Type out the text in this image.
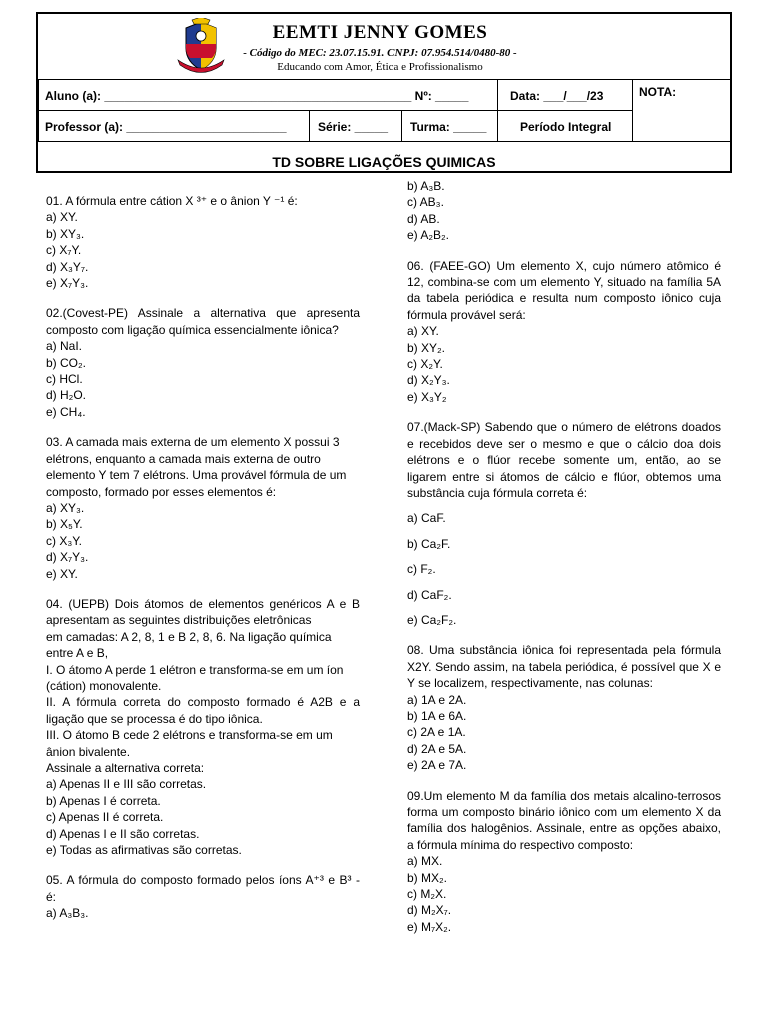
EEMTI JENNY GOMES
- Código do MEC: 23.07.15.91. CNPJ: 07.954.514/0480-80 -
Educando com Amor, Ética e Profissionalismo
Aluno (a): ______________________________________________ Nº: _____	Data: ___/___/23	NOTA:
Professor (a): ________________________	Série: _____ Turma: _____	Período Integral
TD SOBRE LIGAÇÕES QUIMICAS

01. A fórmula entre cátion X ³⁺ e o ânion Y ⁻¹ é:

a) XY.

b) XY₃.

c) X₇Y.

d) X₃Y₇.

e) X₇Y₃.

02.(Covest-PE) Assinale a alternativa que apresenta composto com ligação química essencialmente iônica?

a) NaI.

b) CO₂.

c) HCl.

d) H₂O.

e) CH₄.

03. A camada mais externa de um elemento X possui 3 elétrons, enquanto a camada mais externa de outro elemento Y tem 7 elétrons. Uma provável fórmula de um composto, formado por esses elementos é:

a) XY₃.

b) X₅Y.

c) X₃Y.

d) X₇Y₃.

e) XY.

04. (UEPB) Dois átomos de elementos genéricos A e B apresentam as seguintes distribuições eletrônicas

em camadas: A 2, 8, 1 e B 2, 8, 6. Na ligação química entre A e B,

I. O átomo A perde 1 elétron e transforma-se em um íon (cátion) monovalente.

II. A fórmula correta do composto formado é A2B e a ligação que se processa é do tipo iônica.

III. O átomo B cede 2 elétrons e transforma-se em um ânion bivalente.

Assinale a alternativa correta:

a) Apenas II e III são corretas.

b) Apenas I é correta.

c) Apenas II é correta.

d) Apenas I e II são corretas.

e) Todas as afirmativas são corretas.

05. A fórmula do composto formado pelos íons A⁺³ e B³ - é:

a) A₃B₃.

b) A₃B.

c) AB₃.

d) AB.

e) A₂B₂.

06. (FAEE-GO) Um elemento X, cujo número atômico é 12, combina-se com um elemento Y, situado na família 5A da tabela periódica e resulta num composto iônico cuja fórmula provável será:

a) XY.

b) XY₂.

c) X₂Y.

d) X₂Y₃.

e) X₃Y₂

07.(Mack-SP) Sabendo que o número de elétrons doados e recebidos deve ser o mesmo e que o cálcio doa dois elétrons e o flúor recebe somente um, então, ao se ligarem entre si átomos de cálcio e flúor, obtemos uma substância cuja fórmula correta é:

a) CaF.

b) Ca₂F.

c) F₂.

d) CaF₂.

e) Ca₂F₂.

08. Uma substância iônica foi representada pela fórmula X2Y. Sendo assim, na tabela periódica, é possível que X e Y se localizem, respectivamente, nas colunas:

a) 1A e 2A.

b) 1A e 6A.

c) 2A e 1A.

d) 2A e 5A.

e) 2A e 7A.

09.Um elemento M da família dos metais alcalino-terrosos forma um composto binário iônico com um elemento X da família dos halogênios. Assinale, entre as opções abaixo, a fórmula mínima do respectivo composto:

a) MX.

b) MX₂.

c) M₂X.

d) M₂X₇.

e) M₇X₂.
